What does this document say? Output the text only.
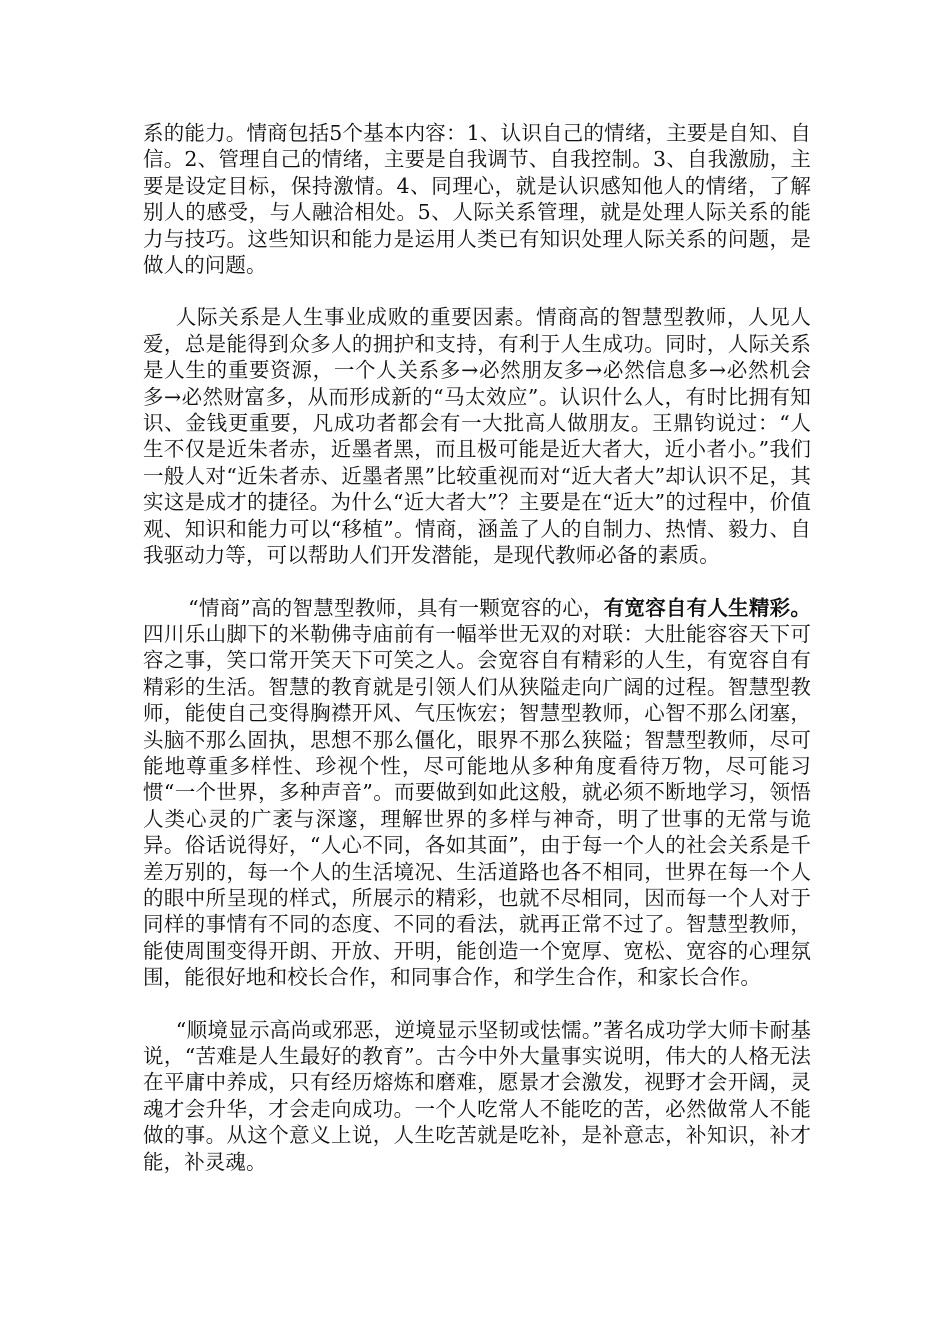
系的能力。情商包括5个基本内容：1、认识自己的情绪，主要是自知、自信。2、管理自己的情绪，主要是自我调节、自我控制。3、自我激励，主要是设定目标，保持激情。4、同理心，就是认识感知他人的情绪，了解别人的感受，与人融洽相处。5、人际关系管理，就是处理人际关系的能力与技巧。这些知识和能力是运用人类已有知识处理人际关系的问题，是做人的问题。

人际关系是人生事业成败的重要因素。情商高的智慧型教师，人见人爱，总是能得到众多人的拥护和支持，有利于人生成功。同时，人际关系是人生的重要资源，一个人关系多→必然朋友多→必然信息多→必然机会多→必然财富多，从而形成新的“马太效应”。认识什么人，有时比拥有知识、金钱更重要，凡成功者都会有一大批高人做朋友。王鼎钧说过：“人生不仅是近朱者赤，近墨者黑，而且极可能是近大者大，近小者小。”我们一般人对“近朱者赤、近墨者黑”比较重视而对“近大者大”却认识不足，其实这是成才的捷径。为什么“近大者大”？主要是在“近大”的过程中，价值观、知识和能力可以“移植”。情商，涵盖了人的自制力、热情、毅力、自我驱动力等，可以帮助人们开发潜能，是现代教师必备的素质。

“情商”高的智慧型教师，具有一颗宽容的心，有宽容自有人生精彩。四川乐山脚下的米勒佛寺庙前有一幅举世无双的对联：大肚能容容天下可容之事，笑口常开笑天下可笑之人。会宽容自有精彩的人生，有宽容自有精彩的生活。智慧的教育就是引领人们从狭隘走向广阔的过程。智慧型教师，能使自己变得胸襟开风、气压恢宏；智慧型教师，心智不那么闭塞，头脑不那么固执，思想不那么僵化，眼界不那么狭隘；智慧型教师，尽可能地尊重多样性、珍视个性，尽可能地从多种角度看待万物，尽可能习惯“一个世界，多种声音”。而要做到如此这般，就必须不断地学习，领悟人类心灵的广袤与深邃，理解世界的多样与神奇，明了世事的无常与诡异。俗话说得好，“人心不同，各如其面”，由于每一个人的社会关系是千差万别的，每一个人的生活境况、生活道路也各不相同，世界在每一个人的眼中所呈现的样式，所展示的精彩，也就不尽相同，因而每一个人对于同样的事情有不同的态度、不同的看法，就再正常不过了。智慧型教师，能使周围变得开朗、开放、开明，能创造一个宽厚、宽松、宽容的心理氛围，能很好地和校长合作，和同事合作，和学生合作，和家长合作。

“顺境显示高尚或邪恶，逆境显示坚韧或怯懦。”著名成功学大师卡耐基说，“苦难是人生最好的教育”。古今中外大量事实说明，伟大的人格无法在平庸中养成，只有经历熔炼和磨难，愿景才会激发，视野才会开阔，灵魂才会升华，才会走向成功。一个人吃常人不能吃的苦，必然做常人不能做的事。从这个意义上说，人生吃苦就是吃补，是补意志，补知识，补才能，补灵魂。
